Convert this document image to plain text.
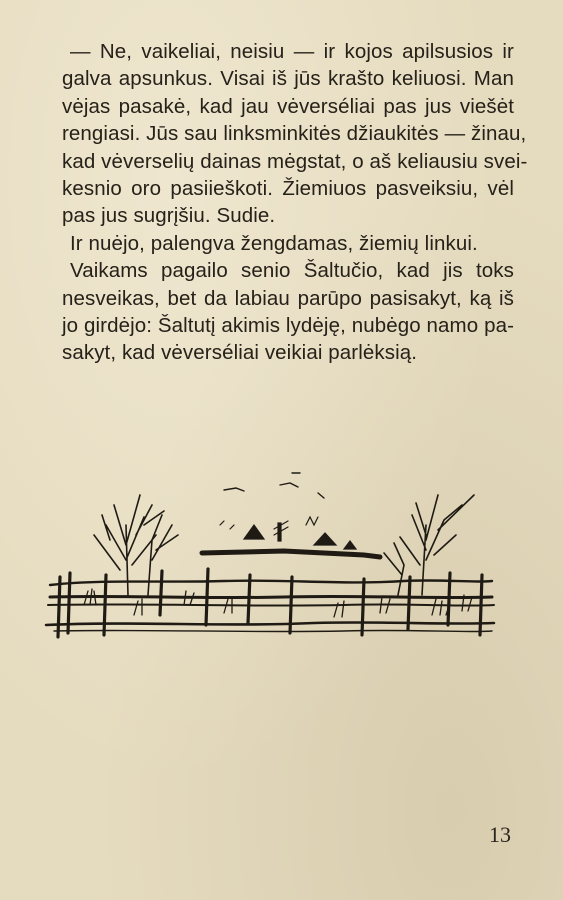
— Ne, vaikeliai, neisiu — ir kojos apilsusios ir
galva apsunkus. Visai iš jūs krašto keliuosi. Man
vėjas pasakė, kad jau vėverséliai pas jus viešėt
rengiasi. Jūs sau linksminkitės džiaukitės — žinau,
kad vėverselių dainas mėgstat, o aš keliausiu svei-
kesnio oro pasiieškoti. Žiemiuos pasveiksiu, vėl
pas jus sugrįšiu. Sudie.
Ir nuėjo, palengva žengdamas, žiemių linkui.
Vaikams pagailo senio Šaltučio, kad jis toks
nesveikas, bet da labiau parūpo pasisakyt, ką iš
jo girdėjo: Šaltutį akimis lydėję, nubėgo namo pa-
sakyt, kad vėverséliai veikiai parlėksią.
13
